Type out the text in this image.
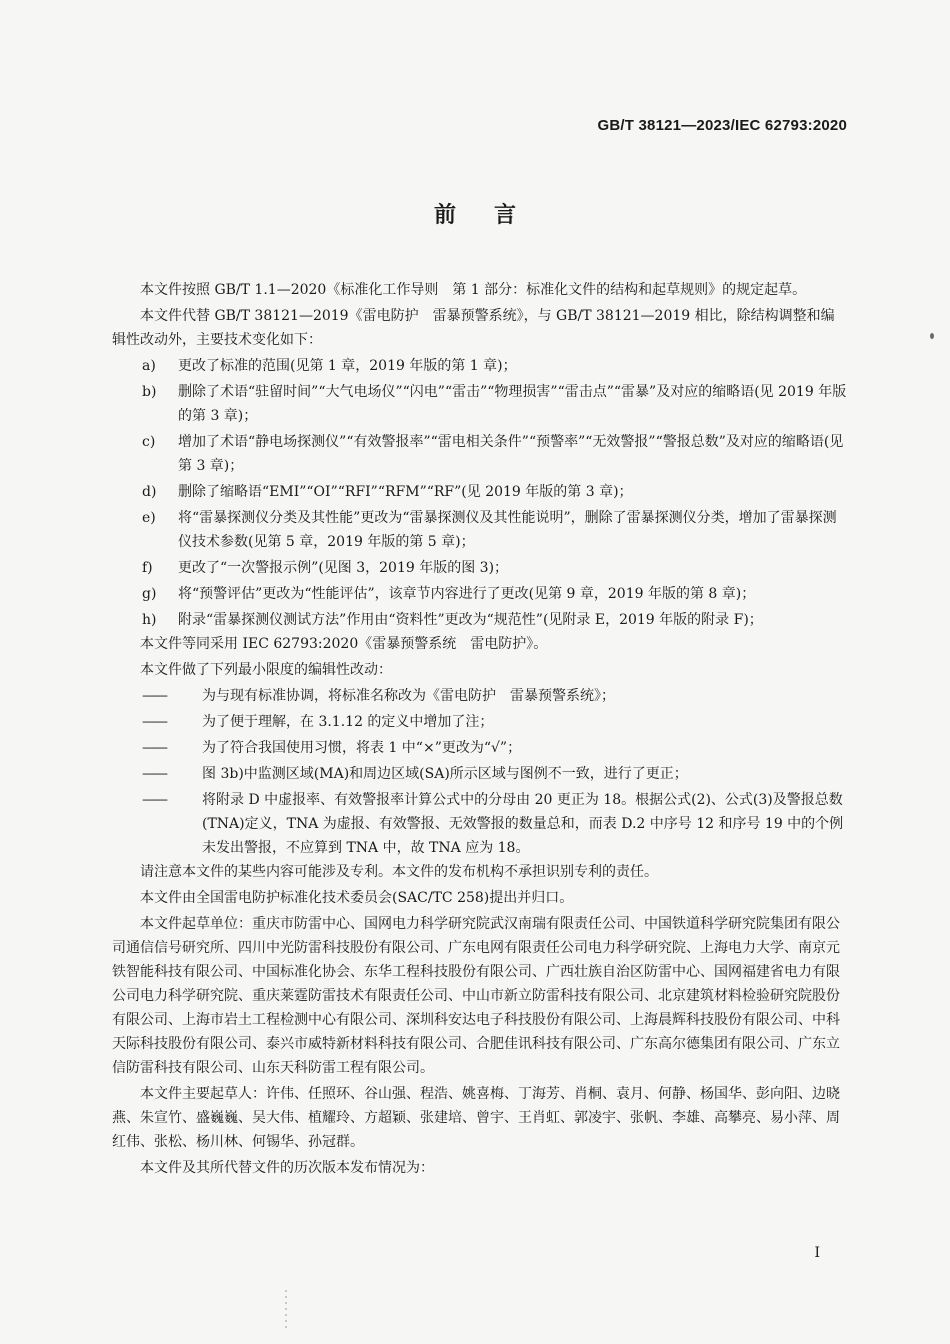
GB/T 38121—2023/IEC 62793:2020
前言

本文件按照 GB/T 1.1—2020《标准化工作导则　第 1 部分：标准化文件的结构和起草规则》的规定起草。

本文件代替 GB/T 38121—2019《雷电防护　雷暴预警系统》，与 GB/T 38121—2019 相比，除结构调整和编辑性改动外，主要技术变化如下：

a)	更改了标准的范围(见第 1 章，2019 年版的第 1 章)；
b)	删除了术语“驻留时间”“大气电场仪”“闪电”“雷击”“物理损害”“雷击点”“雷暴”及对应的缩略语(见 2019 年版的第 3 章)；
c)	增加了术语“静电场探测仪”“有效警报率”“雷电相关条件”“预警率”“无效警报”“警报总数”及对应的缩略语(见第 3 章)；
d)	删除了缩略语“EMI”“OI”“RFI”“RFM”“RF”(见 2019 年版的第 3 章)；
e)	将“雷暴探测仪分类及其性能”更改为“雷暴探测仪及其性能说明”，删除了雷暴探测仪分类，增加了雷暴探测仪技术参数(见第 5 章，2019 年版的第 5 章)；
f)	更改了“一次警报示例”(见图 3，2019 年版的图 3)；
g)	将“预警评估”更改为“性能评估”，该章节内容进行了更改(见第 9 章，2019 年版的第 8 章)；
h)	附录“雷暴探测仪测试方法”作用由“资料性”更改为“规范性”(见附录 E，2019 年版的附录 F)；

本文件等同采用 IEC 62793:2020《雷暴预警系统　雷电防护》。

本文件做了下列最小限度的编辑性改动：

——	为与现有标准协调，将标准名称改为《雷电防护　雷暴预警系统》；
——	为了便于理解，在 3.1.12 的定义中增加了注；
——	为了符合我国使用习惯，将表 1 中“×”更改为“√”；
——	图 3b)中监测区域(MA)和周边区域(SA)所示区域与图例不一致，进行了更正；
——	将附录 D 中虚报率、有效警报率计算公式中的分母由 20 更正为 18。根据公式(2)、公式(3)及警报总数(TNA)定义，TNA 为虚报、有效警报、无效警报的数量总和，而表 D.2 中序号 12 和序号 19 中的个例未发出警报，不应算到 TNA 中，故 TNA 应为 18。

请注意本文件的某些内容可能涉及专利。本文件的发布机构不承担识别专利的责任。

本文件由全国雷电防护标准化技术委员会(SAC/TC 258)提出并归口。

本文件起草单位：重庆市防雷中心、国网电力科学研究院武汉南瑞有限责任公司、中国铁道科学研究院集团有限公司通信信号研究所、四川中光防雷科技股份有限公司、广东电网有限责任公司电力科学研究院、上海电力大学、南京元铁智能科技有限公司、中国标准化协会、东华工程科技股份有限公司、广西壮族自治区防雷中心、国网福建省电力有限公司电力科学研究院、重庆莱霆防雷技术有限责任公司、中山市新立防雷科技有限公司、北京建筑材料检验研究院股份有限公司、上海市岩土工程检测中心有限公司、深圳科安达电子科技股份有限公司、上海晨辉科技股份有限公司、中科天际科技股份有限公司、泰兴市威特新材料科技有限公司、合肥佳讯科技有限公司、广东高尔德集团有限公司、广东立信防雷科技有限公司、山东天科防雷工程有限公司。

本文件主要起草人：许伟、任照环、谷山强、程浩、姚喜梅、丁海芳、肖桐、袁月、何静、杨国华、彭向阳、边晓燕、朱宣竹、盛巍巍、吴大伟、植耀玲、方超颖、张建培、曾宇、王肖虹、郭凌宇、张帆、李雄、高攀亮、易小萍、周红伟、张松、杨川林、何锡华、孙冠群。

本文件及其所代替文件的历次版本发布情况为：

I
